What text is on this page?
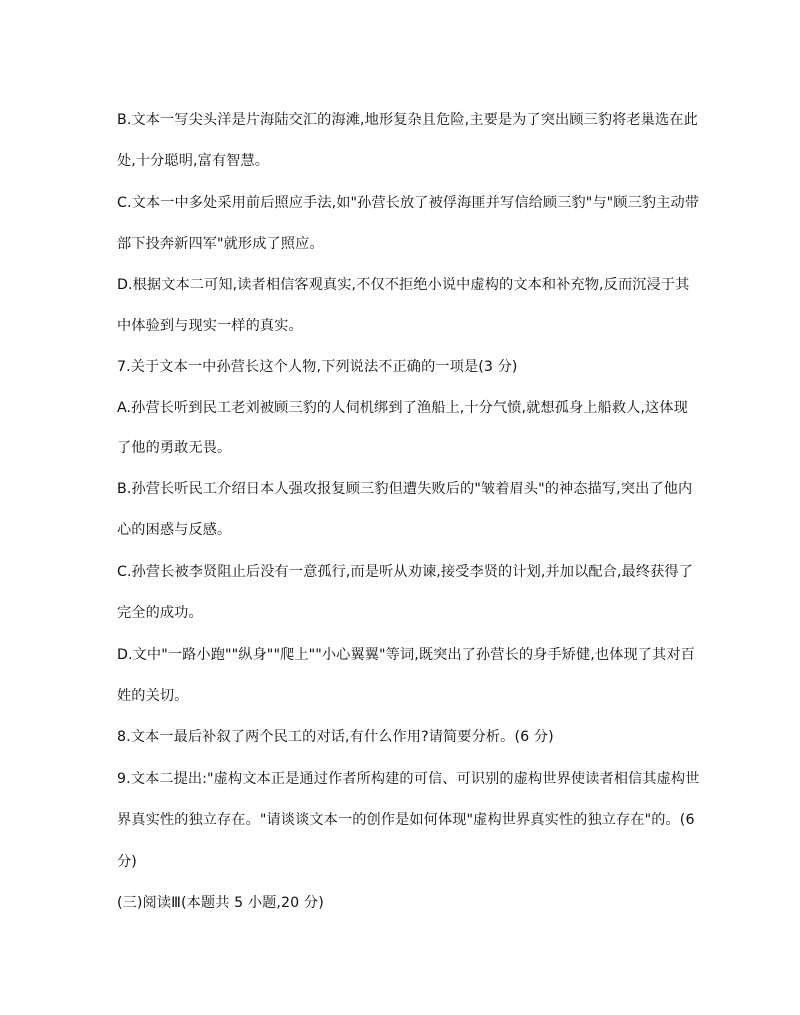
B.文本一写尖头洋是片海陆交汇的海滩,地形复杂且危险,主要是为了突出顾三豹将老巢选在此
处,十分聪明,富有智慧。
C.文本一中多处采用前后照应手法,如"孙营长放了被俘海匪并写信给顾三豹"与"顾三豹主动带
部下投奔新四军"就形成了照应。
D.根据文本二可知,读者相信客观真实,不仅不拒绝小说中虚构的文本和补充物,反而沉浸于其
中体验到与现实一样的真实。
7.关于文本一中孙营长这个人物,下列说法不正确的一项是(3 分)
A.孙营长听到民工老刘被顾三豹的人伺机绑到了渔船上,十分气愤,就想孤身上船救人,这体现
了他的勇敢无畏。
B.孙营长听民工介绍日本人强攻报复顾三豹但遭失败后的"皱着眉头"的神态描写,突出了他内
心的困惑与反感。
C.孙营长被李贤阻止后没有一意孤行,而是听从劝谏,接受李贤的计划,并加以配合,最终获得了
完全的成功。
D.文中"一路小跑""纵身""爬上""小心翼翼"等词,既突出了孙营长的身手矫健,也体现了其对百
姓的关切。
8.文本一最后补叙了两个民工的对话,有什么作用?请简要分析。(6 分)
9.文本二提出:"虚构文本正是通过作者所构建的可信、可识别的虚构世界使读者相信其虚构世
界真实性的独立存在。"请谈谈文本一的创作是如何体现"虚构世界真实性的独立存在"的。(6
分)
(三)阅读Ⅲ(本题共 5 小题,20 分)
